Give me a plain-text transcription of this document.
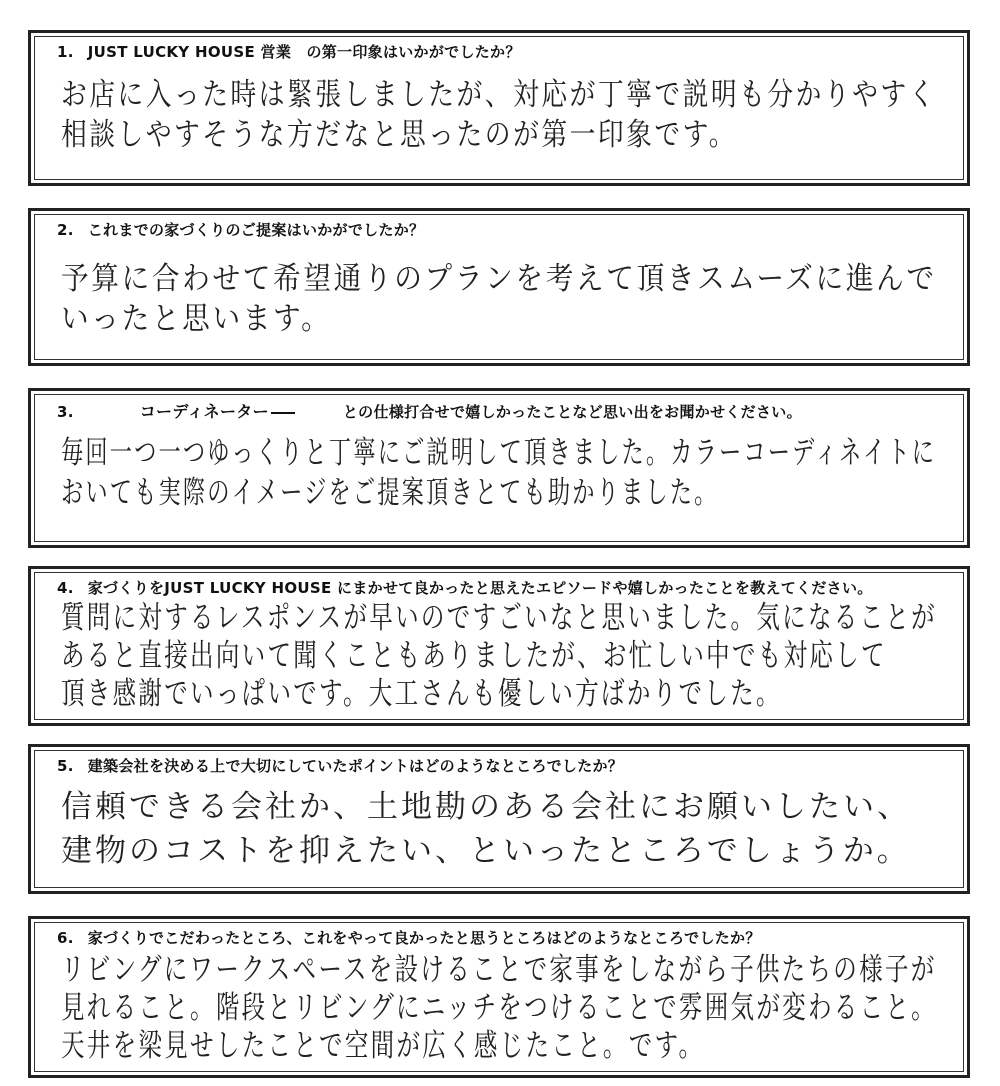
1. JUST LUCKY HOUSE 営業　の第一印象はいかがでしたか？
お店に入った時は緊張しましたが、対応が丁寧で説明も分かりやすく
相談しやすそうな方だなと思ったのが第一印象です。
2. これまでの家づくりのご提案はいかがでしたか？
予算に合わせて希望通りのプランを考えて頂きスムーズに進んで
いったと思います。
3.	コーディネーター	との仕様打合せで嬉しかったことなど思い出をお聞かせください。
毎回一つ一つゆっくりと丁寧にご説明して頂きました。カラーコーディネイトに
おいても実際のイメージをご提案頂きとても助かりました。
4. 家づくりをJUST LUCKY HOUSE にまかせて良かったと思えたエピソードや嬉しかったことを教えてください。
質問に対するレスポンスが早いのですごいなと思いました。気になることが
あると直接出向いて聞くこともありましたが、お忙しい中でも対応して
頂き感謝でいっぱいです。大工さんも優しい方ばかりでした。
5. 建築会社を決める上で大切にしていたポイントはどのようなところでしたか？
信頼できる会社か、土地勘のある会社にお願いしたい、
建物のコストを抑えたい、といったところでしょうか。
6. 家づくりでこだわったところ、これをやって良かったと思うところはどのようなところでしたか？
リビングにワークスペースを設けることで家事をしながら子供たちの様子が
見れること。階段とリビングにニッチをつけることで雰囲気が変わること。
天井を梁見せしたことで空間が広く感じたこと。です。
